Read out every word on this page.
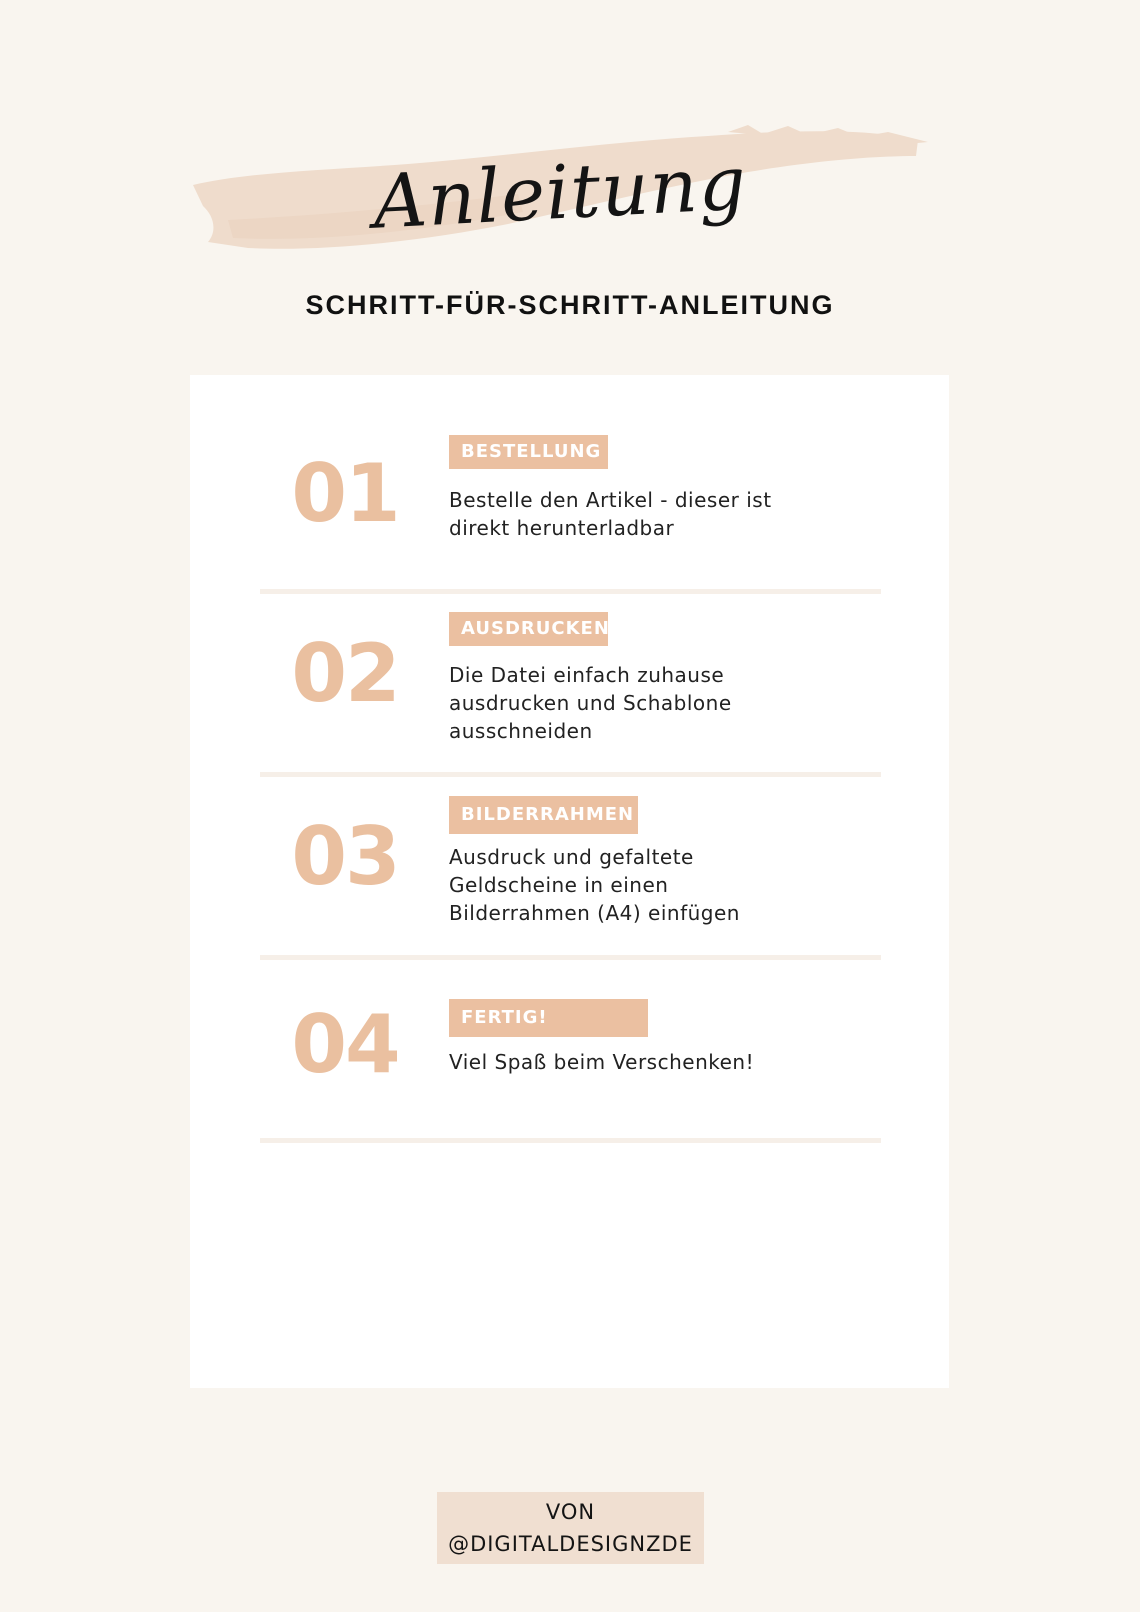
Anleitung
SCHRITT-FÜR-SCHRITT-ANLEITUNG
01	BESTELLUNG
Bestelle den Artikel - dieser ist
direkt herunterladbar
02	AUSDRUCKEN
Die Datei einfach zuhause
ausdrucken und Schablone
ausschneiden
03	BILDERRAHMEN
Ausdruck und gefaltete
Geldscheine in einen
Bilderrahmen (A4) einfügen
04	FERTIG!
Viel Spaß beim Verschenken!
VON
@DIGITALDESIGNZDE
